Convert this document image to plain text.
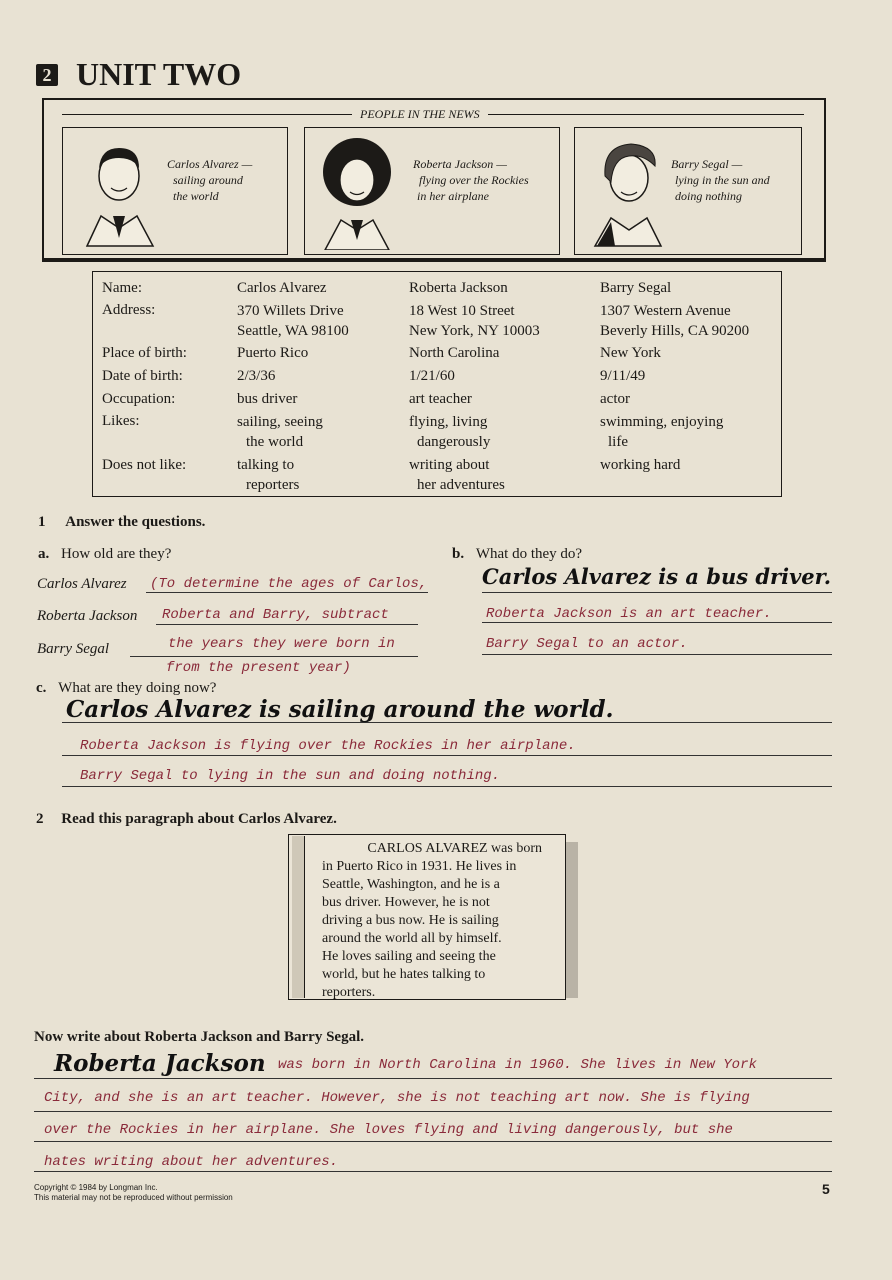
2 UNIT TWO
PEOPLE IN THE NEWS
Carlos Alvarez —
sailing around
the world
Roberta Jackson —
flying over the Rockies
in her airplane
Barry Segal —
lying in the sun and
doing nothing
Name:
Address:
Place of birth:
Date of birth:
Occupation:
Likes:
Does not like:
Carlos Alvarez
370 Willets Drive
Seattle, WA 98100
Puerto Rico
2/3/36
bus driver
sailing, seeing
the world
talking to
reporters
Roberta Jackson
18 West 10 Street
New York, NY 10003
North Carolina
1/21/60
art teacher
flying, living
dangerously
writing about
her adventures
Barry Segal
1307 Western Avenue
Beverly Hills, CA 90200
New York
9/11/49
actor
swimming, enjoying
life
working hard
1 Answer the questions.
a. How old are they?	b. What do they do?
Carlos Alvarez
Roberta Jackson
Barry Segal
(To determine the ages of Carlos,
Roberta and Barry, subtract
the years they were born in
from the present year)
Carlos Alvarez is a bus driver.
Roberta Jackson is an art teacher.
Barry Segal to an actor.
c. What are they doing now?
Carlos Alvarez is sailing around the world.
Roberta Jackson is flying over the Rockies in her airplane.
Barry Segal to lying in the sun and doing nothing.
2 Read this paragraph about Carlos Alvarez.
CARLOS ALVAREZ was born
in Puerto Rico in 1931. He lives in
Seattle, Washington, and he is a
bus driver. However, he is not
driving a bus now. He is sailing
around the world all by himself.
He loves sailing and seeing the
world, but he hates talking to
reporters.
Now write about Roberta Jackson and Barry Segal.
Roberta Jackson was born in North Carolina in 1960. She lives in New York
City, and she is an art teacher. However, she is not teaching art now. She is flying
over the Rockies in her airplane. She loves flying and living dangerously, but she
hates writing about her adventures.
Copyright © 1984 by Longman Inc.
This material may not be reproduced without permission
5
